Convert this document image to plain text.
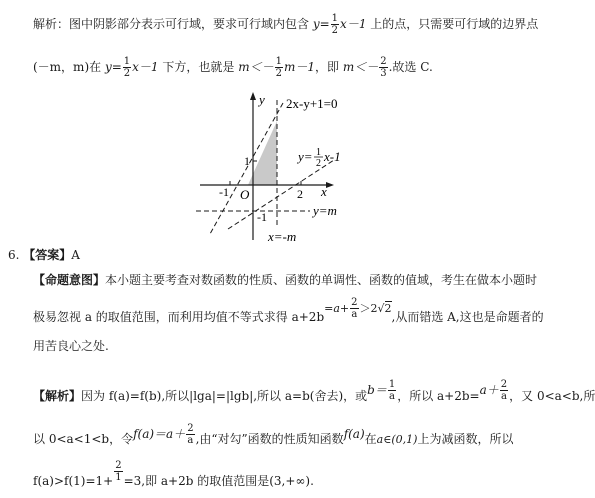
解析：图中阴影部分表示可行域，要求可行域内包含 $y= \frac{1}{2} x-1$ 上的点，只需要可行域的边界点
(－m，m)在 $y= \frac{1}{2} x-1$ 下方，也就是 $m<- \frac{1}{2} m-1$，即 $m<- \frac{2}{3}$ .故选 C.
y
x
O
1
-1
-1
2
2x-y+1=0
y=m
x=-m
y= 1
2 x-1
6. 【答案】A
【命题意图】本小题主要考查对数函数的性质、函数的单调性、函数的值域，考生在做本小题时
极易忽视 a 的取值范围，而利用均值不等式求得 $a+2b=a+ \frac{2}{a} >2√2$,从而错选 A,这也是命题者的
用苦良心之处.
【解析】因为 f(a)=f(b),所以|lga|=|lgb|,所以 a=b(舍去)，或$b= \frac{1}{a}$ ，所以 $a+2b=a+ \frac{2}{a}$ ，又 0<a<b,所
以 0<a<1<b，令$f(a)=a+ \frac{2}{a}$ ,由“对勾”函数的性质知函数f(a)在a∈(0,1)上为减函数，所以
$f(a)>f(1)=1+ \frac{2}{1} =3$,即 a+2b 的取值范围是(3,+∞).
